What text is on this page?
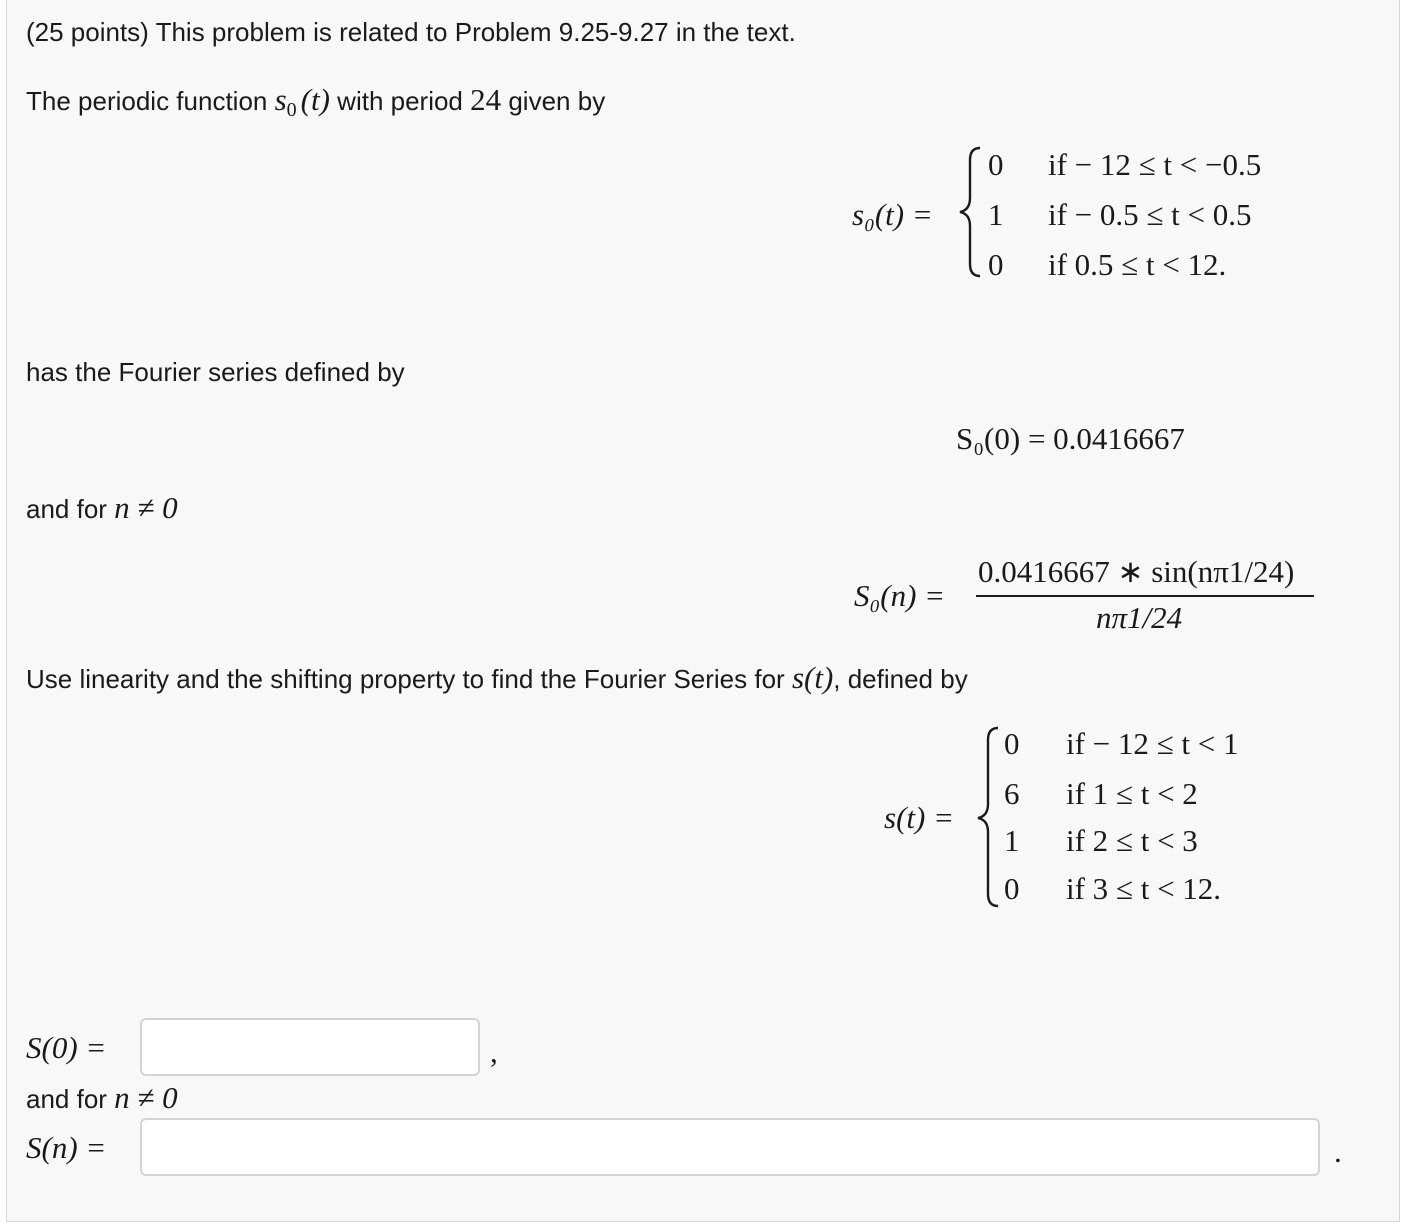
(25 points) This problem is related to Problem 9.25-9.27 in the text.
The periodic function $s_0$ (t) with period 24 given by
s₀(t) =
0 if − 12 ≤ t < −0.5
1 if − 0.5 ≤ t < 0.5
0 if 0.5 ≤ t < 12.
has the Fourier series defined by
S₀(0) = 0.0416667
and for n ≠ 0
S₀(n) =
0.0416667 ∗ sin(nπ1/24)
nπ1/24
Use linearity and the shifting property to find the Fourier Series for s(t), defined by
s(t) =
0 if − 12 ≤ t < 1
6 if 1 ≤ t < 2
1 if 2 ≤ t < 3
0 if 3 ≤ t < 12.
S(0) =	,
and for n ≠ 0
S(n) =	.
